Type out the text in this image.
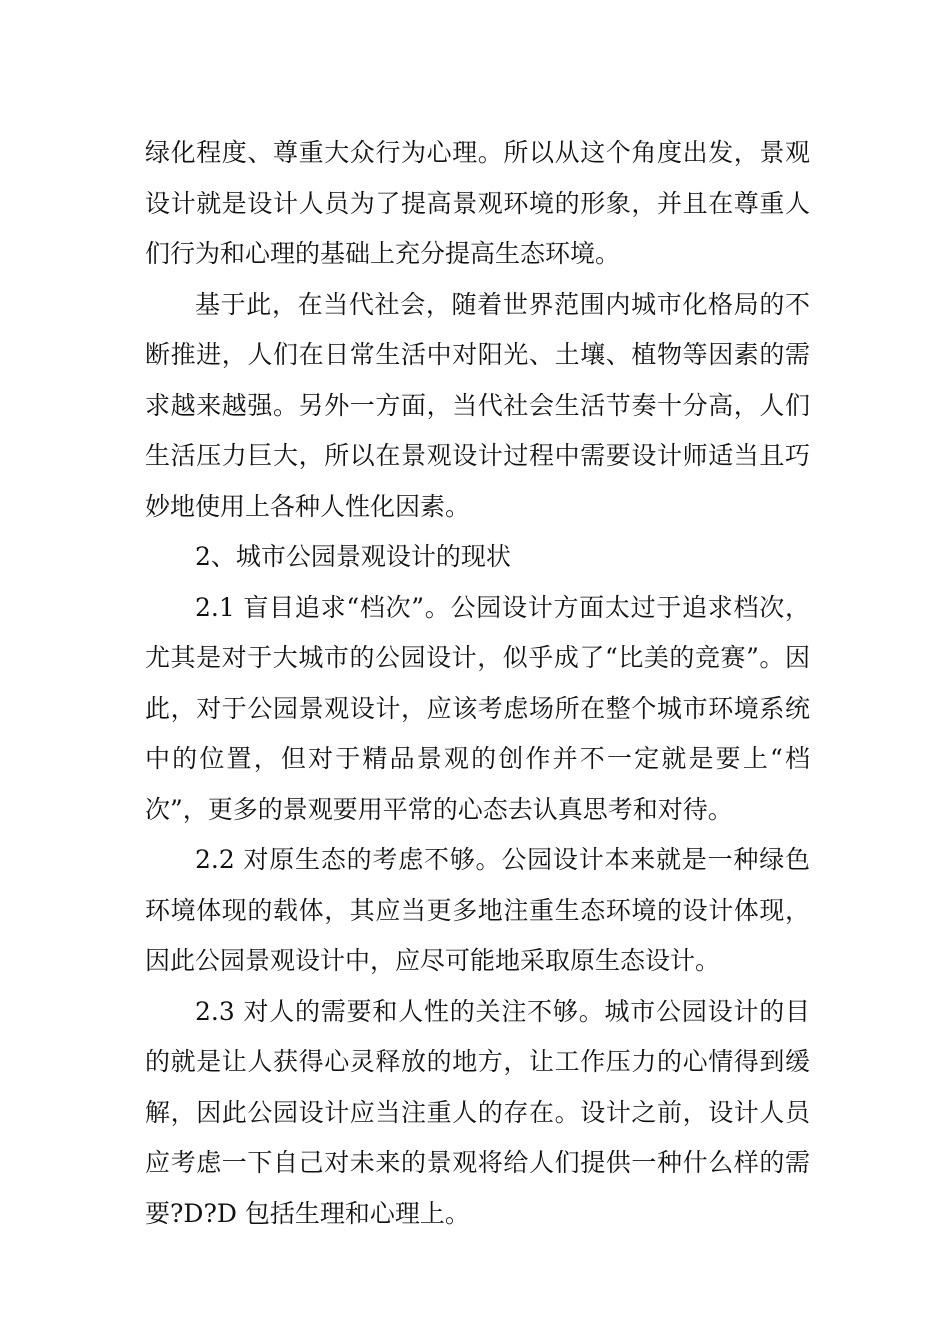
绿化程度、尊重大众行为心理。所以从这个角度出发，景观设计就是设计人员为了提高景观环境的形象，并且在尊重人们行为和心理的基础上充分提高生态环境。

基于此，在当代社会，随着世界范围内城市化格局的不断推进，人们在日常生活中对阳光、土壤、植物等因素的需求越来越强。另外一方面，当代社会生活节奏十分高，人们生活压力巨大，所以在景观设计过程中需要设计师适当且巧妙地使用上各种人性化因素。

2、城市公园景观设计的现状

2.1 盲目追求“档次”。公园设计方面太过于追求档次，尤其是对于大城市的公园设计，似乎成了“比美的竞赛”。因此，对于公园景观设计，应该考虑场所在整个城市环境系统中的位置，但对于精品景观的创作并不一定就是要上“档次”，更多的景观要用平常的心态去认真思考和对待。

2.2 对原生态的考虑不够。公园设计本来就是一种绿色环境体现的载体，其应当更多地注重生态环境的设计体现，因此公园景观设计中，应尽可能地采取原生态设计。

2.3 对人的需要和人性的关注不够。城市公园设计的目的就是让人获得心灵释放的地方，让工作压力的心情得到缓解，因此公园设计应当注重人的存在。设计之前，设计人员应考虑一下自己对未来的景观将给人们提供一种什么样的需要?D?D 包括生理和心理上。
